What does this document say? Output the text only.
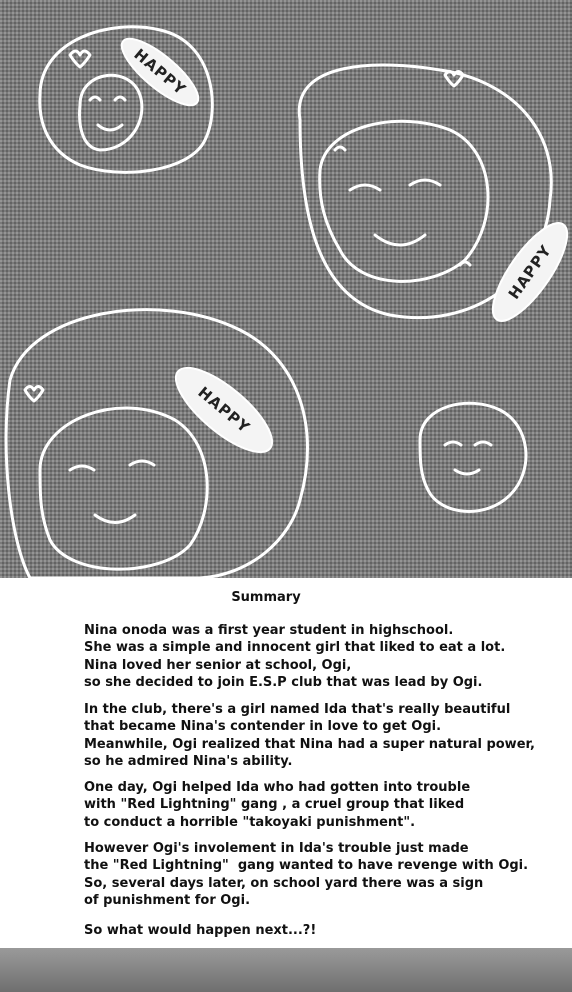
HAPPY
HAPPY
HAPPY

Summary

Nina onoda was a first year student in highschool.
She was a simple and innocent girl that liked to eat a lot.
Nina loved her senior at school, Ogi,
so she decided to join E.S.P club that was lead by Ogi.

In the club, there's a girl named Ida that's really beautiful
that became Nina's contender in love to get Ogi.
Meanwhile, Ogi realized that Nina had a super natural power,
so he admired Nina's ability.

One day, Ogi helped Ida who had gotten into trouble
with "Red Lightning" gang , a cruel group that liked
to conduct a horrible "takoyaki punishment".

However Ogi's involement in Ida's trouble just made
the "Red Lightning"  gang wanted to have revenge with Ogi.
So, several days later, on school yard there was a sign
of punishment for Ogi.

So what would happen next...?!
